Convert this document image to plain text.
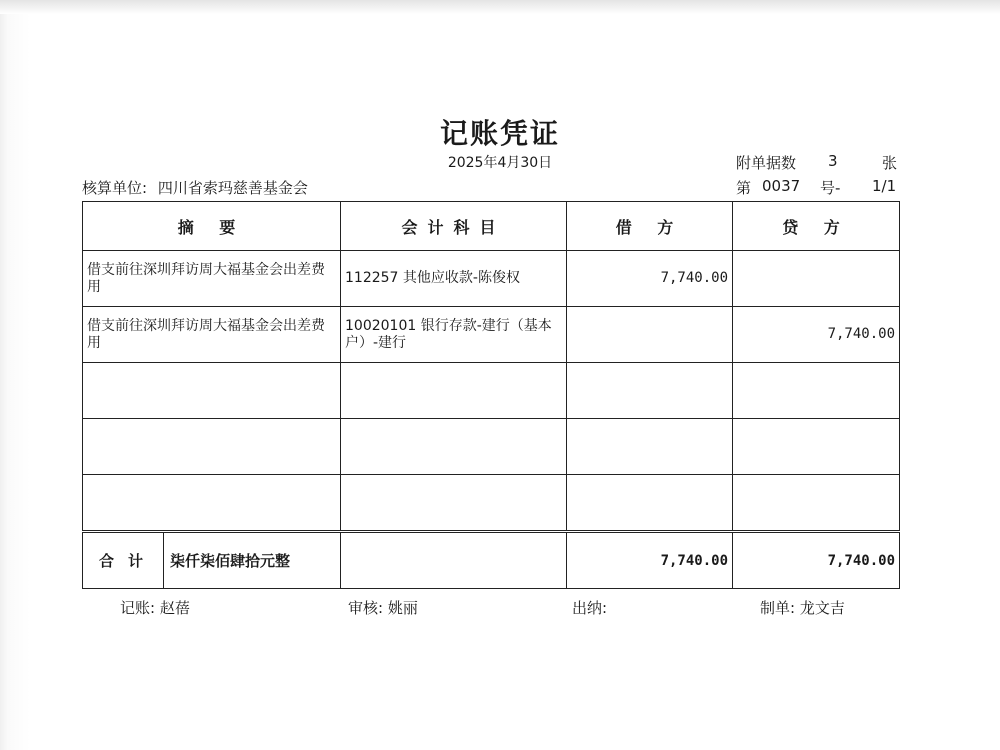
记账凭证
2025年4月30日	附单据数 3	张
核算单位: 四川省索玛慈善基金会	第 0037 号- 1/1
摘 要	会计科目	借 方	贷 方
借支前往深圳拜访周大福基金会出差费用	112257 其他应收款-陈俊权	7,740.00	
借支前往深圳拜访周大福基金会出差费用	10020101 银行存款-建行（基本户）-建行		7,740.00

合计 柒仟柒佰肆拾元整		7,740.00	7,740.00
记账: 赵蓓	审核: 姚丽	出纳:	制单: 龙文吉
